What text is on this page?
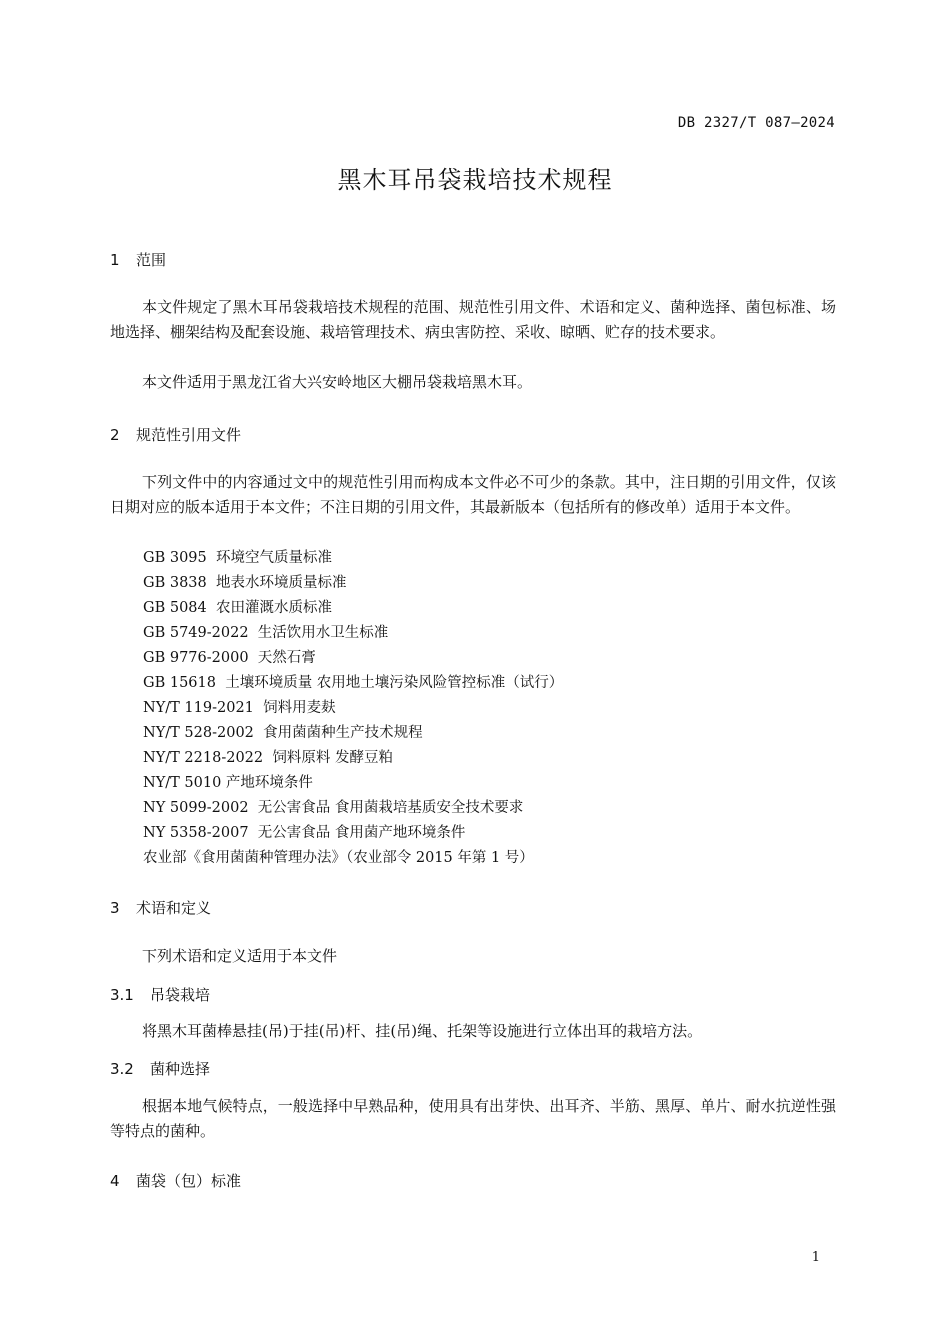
DB 2327/T 087—2024
黑木耳吊袋栽培技术规程
1 范围
本文件规定了黑木耳吊袋栽培技术规程的范围、规范性引用文件、术语和定义、菌种选择、菌包标准、场地选择、棚架结构及配套设施、栽培管理技术、病虫害防控、采收、晾晒、贮存的技术要求。
本文件适用于黑龙江省大兴安岭地区大棚吊袋栽培黑木耳。
2 规范性引用文件
下列文件中的内容通过文中的规范性引用而构成本文件必不可少的条款。其中，注日期的引用文件，仅该日期对应的版本适用于本文件；不注日期的引用文件，其最新版本（包括所有的修改单）适用于本文件。
GB 3095  环境空气质量标准
GB 3838  地表水环境质量标准
GB 5084  农田灌溉水质标准
GB 5749-2022  生活饮用水卫生标准
GB 9776-2000  天然石膏
GB 15618  土壤环境质量 农用地土壤污染风险管控标准（试行）
NY/T 119-2021  饲料用麦麸
NY/T 528-2002  食用菌菌种生产技术规程
NY/T 2218-2022  饲料原料 发酵豆粕
NY/T 5010 产地环境条件
NY 5099-2002  无公害食品 食用菌栽培基质安全技术要求
NY 5358-2007  无公害食品 食用菌产地环境条件
农业部《食用菌菌种管理办法》（农业部令 2015 年第 1 号）
3 术语和定义
下列术语和定义适用于本文件
3.1 吊袋栽培
将黑木耳菌棒悬挂(吊)于挂(吊)杆、挂(吊)绳、托架等设施进行立体出耳的栽培方法。
3.2 菌种选择
根据本地气候特点，一般选择中早熟品种，使用具有出芽快、出耳齐、半筋、黑厚、单片、耐水抗逆性强等特点的菌种。
4 菌袋（包）标准
1
